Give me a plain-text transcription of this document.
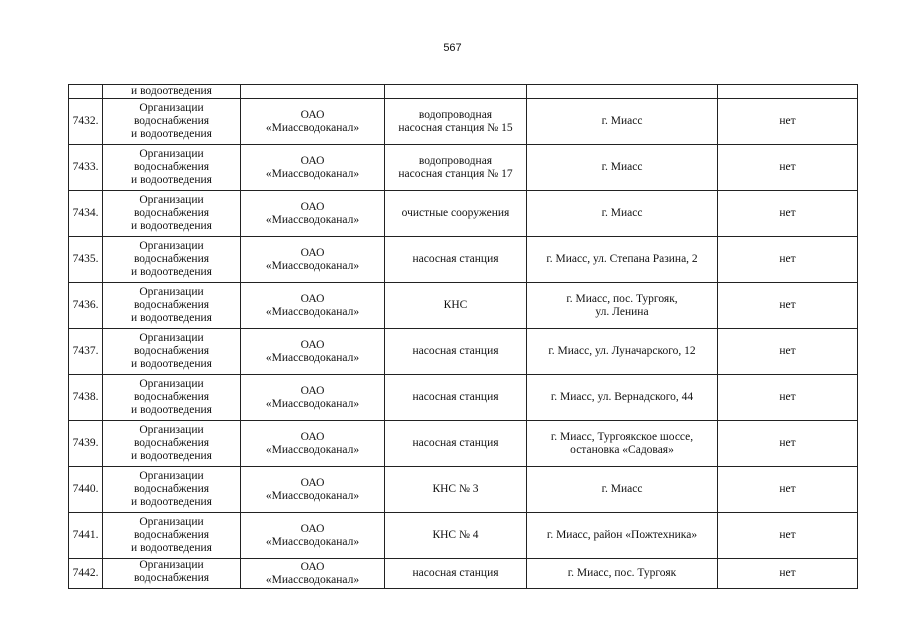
567

	и водоотведения				

7432.	Организации
водоснабжения
и водоотведения	ОАО
«Миассводоканал»	водопроводная
насосная станция № 15	г. Миасс	нет
7433.	Организации
водоснабжения
и водоотведения	ОАО
«Миассводоканал»	водопроводная
насосная станция № 17	г. Миасс	нет
7434.	Организации
водоснабжения
и водоотведения	ОАО
«Миассводоканал»	очистные сооружения	г. Миасс	нет
7435.	Организации
водоснабжения
и водоотведения	ОАО
«Миассводоканал»	насосная станция	г. Миасс, ул. Степана Разина, 2	нет
7436.	Организации
водоснабжения
и водоотведения	ОАО
«Миассводоканал»	КНС	г. Миасс, пос. Тургояк,
ул. Ленина	нет
7437.	Организации
водоснабжения
и водоотведения	ОАО
«Миассводоканал»	насосная станция	г. Миасс, ул. Луначарского, 12	нет
7438.	Организации
водоснабжения
и водоотведения	ОАО
«Миассводоканал»	насосная станция	г. Миасс, ул. Вернадского, 44	нет
7439.	Организации
водоснабжения
и водоотведения	ОАО
«Миассводоканал»	насосная станция	г. Миасс, Тургоякское шоссе,
остановка «Садовая»	нет
7440.	Организации
водоснабжения
и водоотведения	ОАО
«Миассводоканал»	КНС № 3	г. Миасс	нет
7441.	Организации
водоснабжения
и водоотведения	ОАО
«Миассводоканал»	КНС № 4	г. Миасс, район «Пожтехника»	нет
7442.	Организации
водоснабжения	ОАО
«Миассводоканал»	насосная станция	г. Миасс, пос. Тургояк	нет
